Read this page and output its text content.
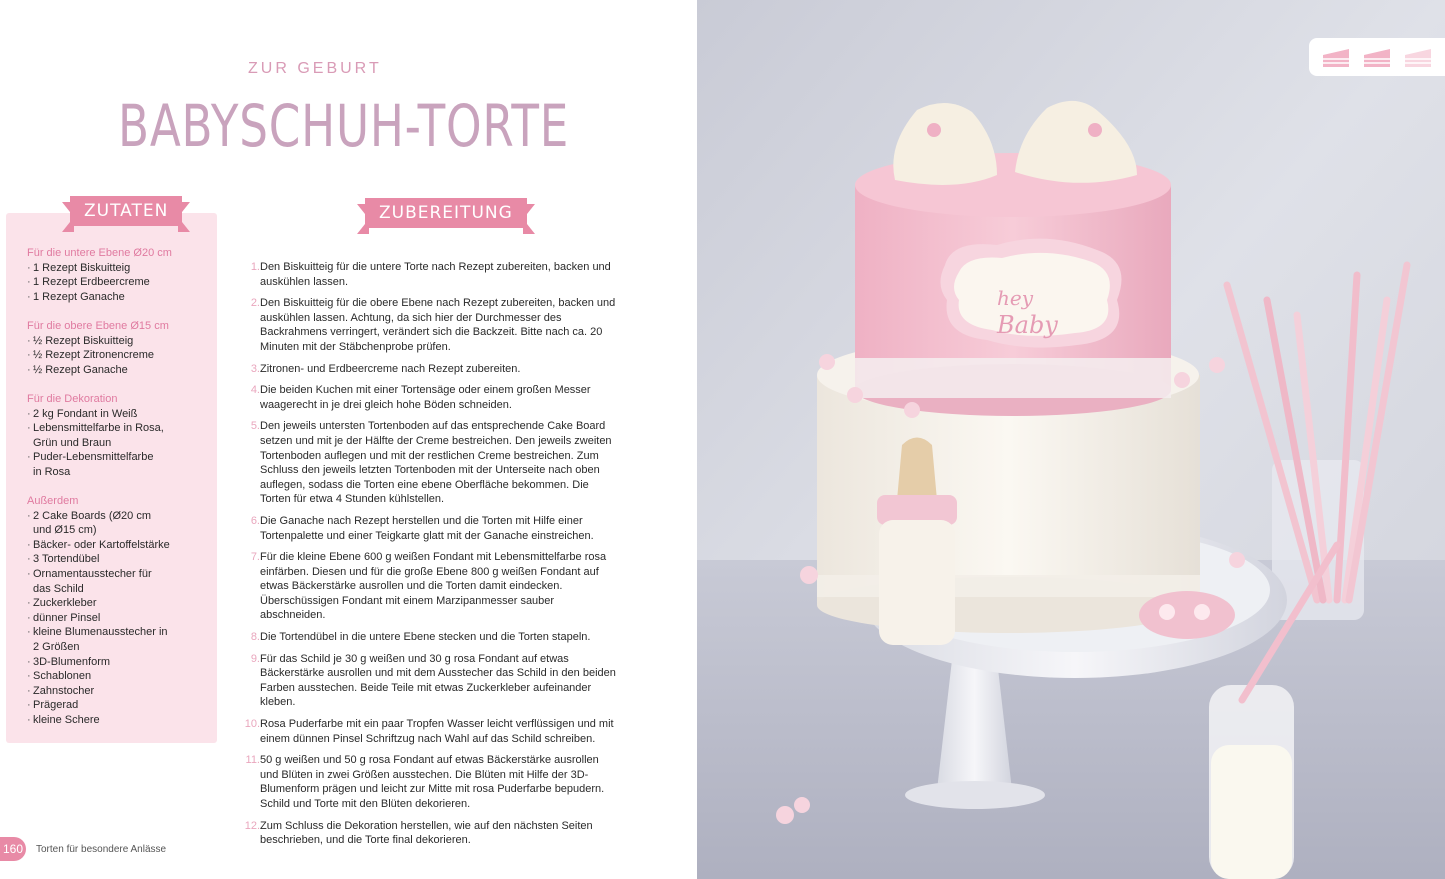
ZUR GEBURT
BABYSCHUH-TORTE
ZUTATEN
Für die untere Ebene Ø20 cm
· 1 Rezept Biskuitteig
· 1 Rezept Erdbeercreme
· 1 Rezept Ganache
Für die obere Ebene Ø15 cm
· ½ Rezept Biskuitteig
· ½ Rezept Zitronencreme
· ½ Rezept Ganache
Für die Dekoration
· 2 kg Fondant in Weiß
· Lebensmittelfarbe in Rosa,
Grün und Braun
· Puder-Lebensmittelfarbe
in Rosa
Außerdem
· 2 Cake Boards (Ø20 cm
und Ø15 cm)
· Bäcker- oder Kartoffelstärke
· 3 Tortendübel
· Ornamentausstecher für
das Schild
· Zuckerkleber
· dünner Pinsel
· kleine Blumenausstecher in
2 Größen
· 3D-Blumenform
· Schablonen
· Zahnstocher
· Prägerad
· kleine Schere
ZUBEREITUNG
1. Den Biskuitteig für die untere Torte nach Rezept zubereiten, backen und auskühlen lassen.
2. Den Biskuitteig für die obere Ebene nach Rezept zubereiten, backen und auskühlen lassen. Achtung, da sich hier der Durchmesser des Backrahmens verringert, verändert sich die Backzeit. Bitte nach ca. 20 Minuten mit der Stäbchenprobe prüfen.
3. Zitronen- und Erdbeercreme nach Rezept zubereiten.
4. Die beiden Kuchen mit einer Tortensäge oder einem großen Messer waagerecht in je drei gleich hohe Böden schneiden.
5. Den jeweils untersten Tortenboden auf das entsprechende Cake Board setzen und mit je der Hälfte der Creme bestreichen. Den jeweils zweiten Tortenboden auflegen und mit der restlichen Creme bestreichen. Zum Schluss den jeweils letzten Tortenboden mit der Unterseite nach oben auflegen, sodass die Torten eine ebene Oberfläche bekommen. Die Torten für etwa 4 Stunden kühlstellen.
6. Die Ganache nach Rezept herstellen und die Torten mit Hilfe einer Tortenpalette und einer Teigkarte glatt mit der Ganache einstreichen.
7. Für die kleine Ebene 600 g weißen Fondant mit Lebensmittelfarbe rosa einfärben. Diesen und für die große Ebene 800 g weißen Fondant auf etwas Bäckerstärke ausrollen und die Torten damit eindecken. Überschüssigen Fondant mit einem Marzipanmesser sauber abschneiden.
8. Die Tortendübel in die untere Ebene stecken und die Torten stapeln.
9. Für das Schild je 30 g weißen und 30 g rosa Fondant auf etwas Bäckerstärke ausrollen und mit dem Ausstecher das Schild in den beiden Farben ausstechen. Beide Teile mit etwas Zuckerkleber aufeinander kleben.
10. Rosa Puderfarbe mit ein paar Tropfen Wasser leicht verflüssigen und mit einem dünnen Pinsel Schriftzug nach Wahl auf das Schild schreiben.
11. 50 g weißen und 50 g rosa Fondant auf etwas Bäckerstärke ausrollen und Blüten in zwei Größen ausstechen. Die Blüten mit Hilfe der 3D-Blumenform prägen und leicht zur Mitte mit rosa Puderfarbe bepudern. Schild und Torte mit den Blüten dekorieren.
12. Zum Schluss die Dekoration herstellen, wie auf den nächsten Seiten beschrieben, und die Torte final dekorieren.
160 Torten für besondere Anlässe
hey
Baby
